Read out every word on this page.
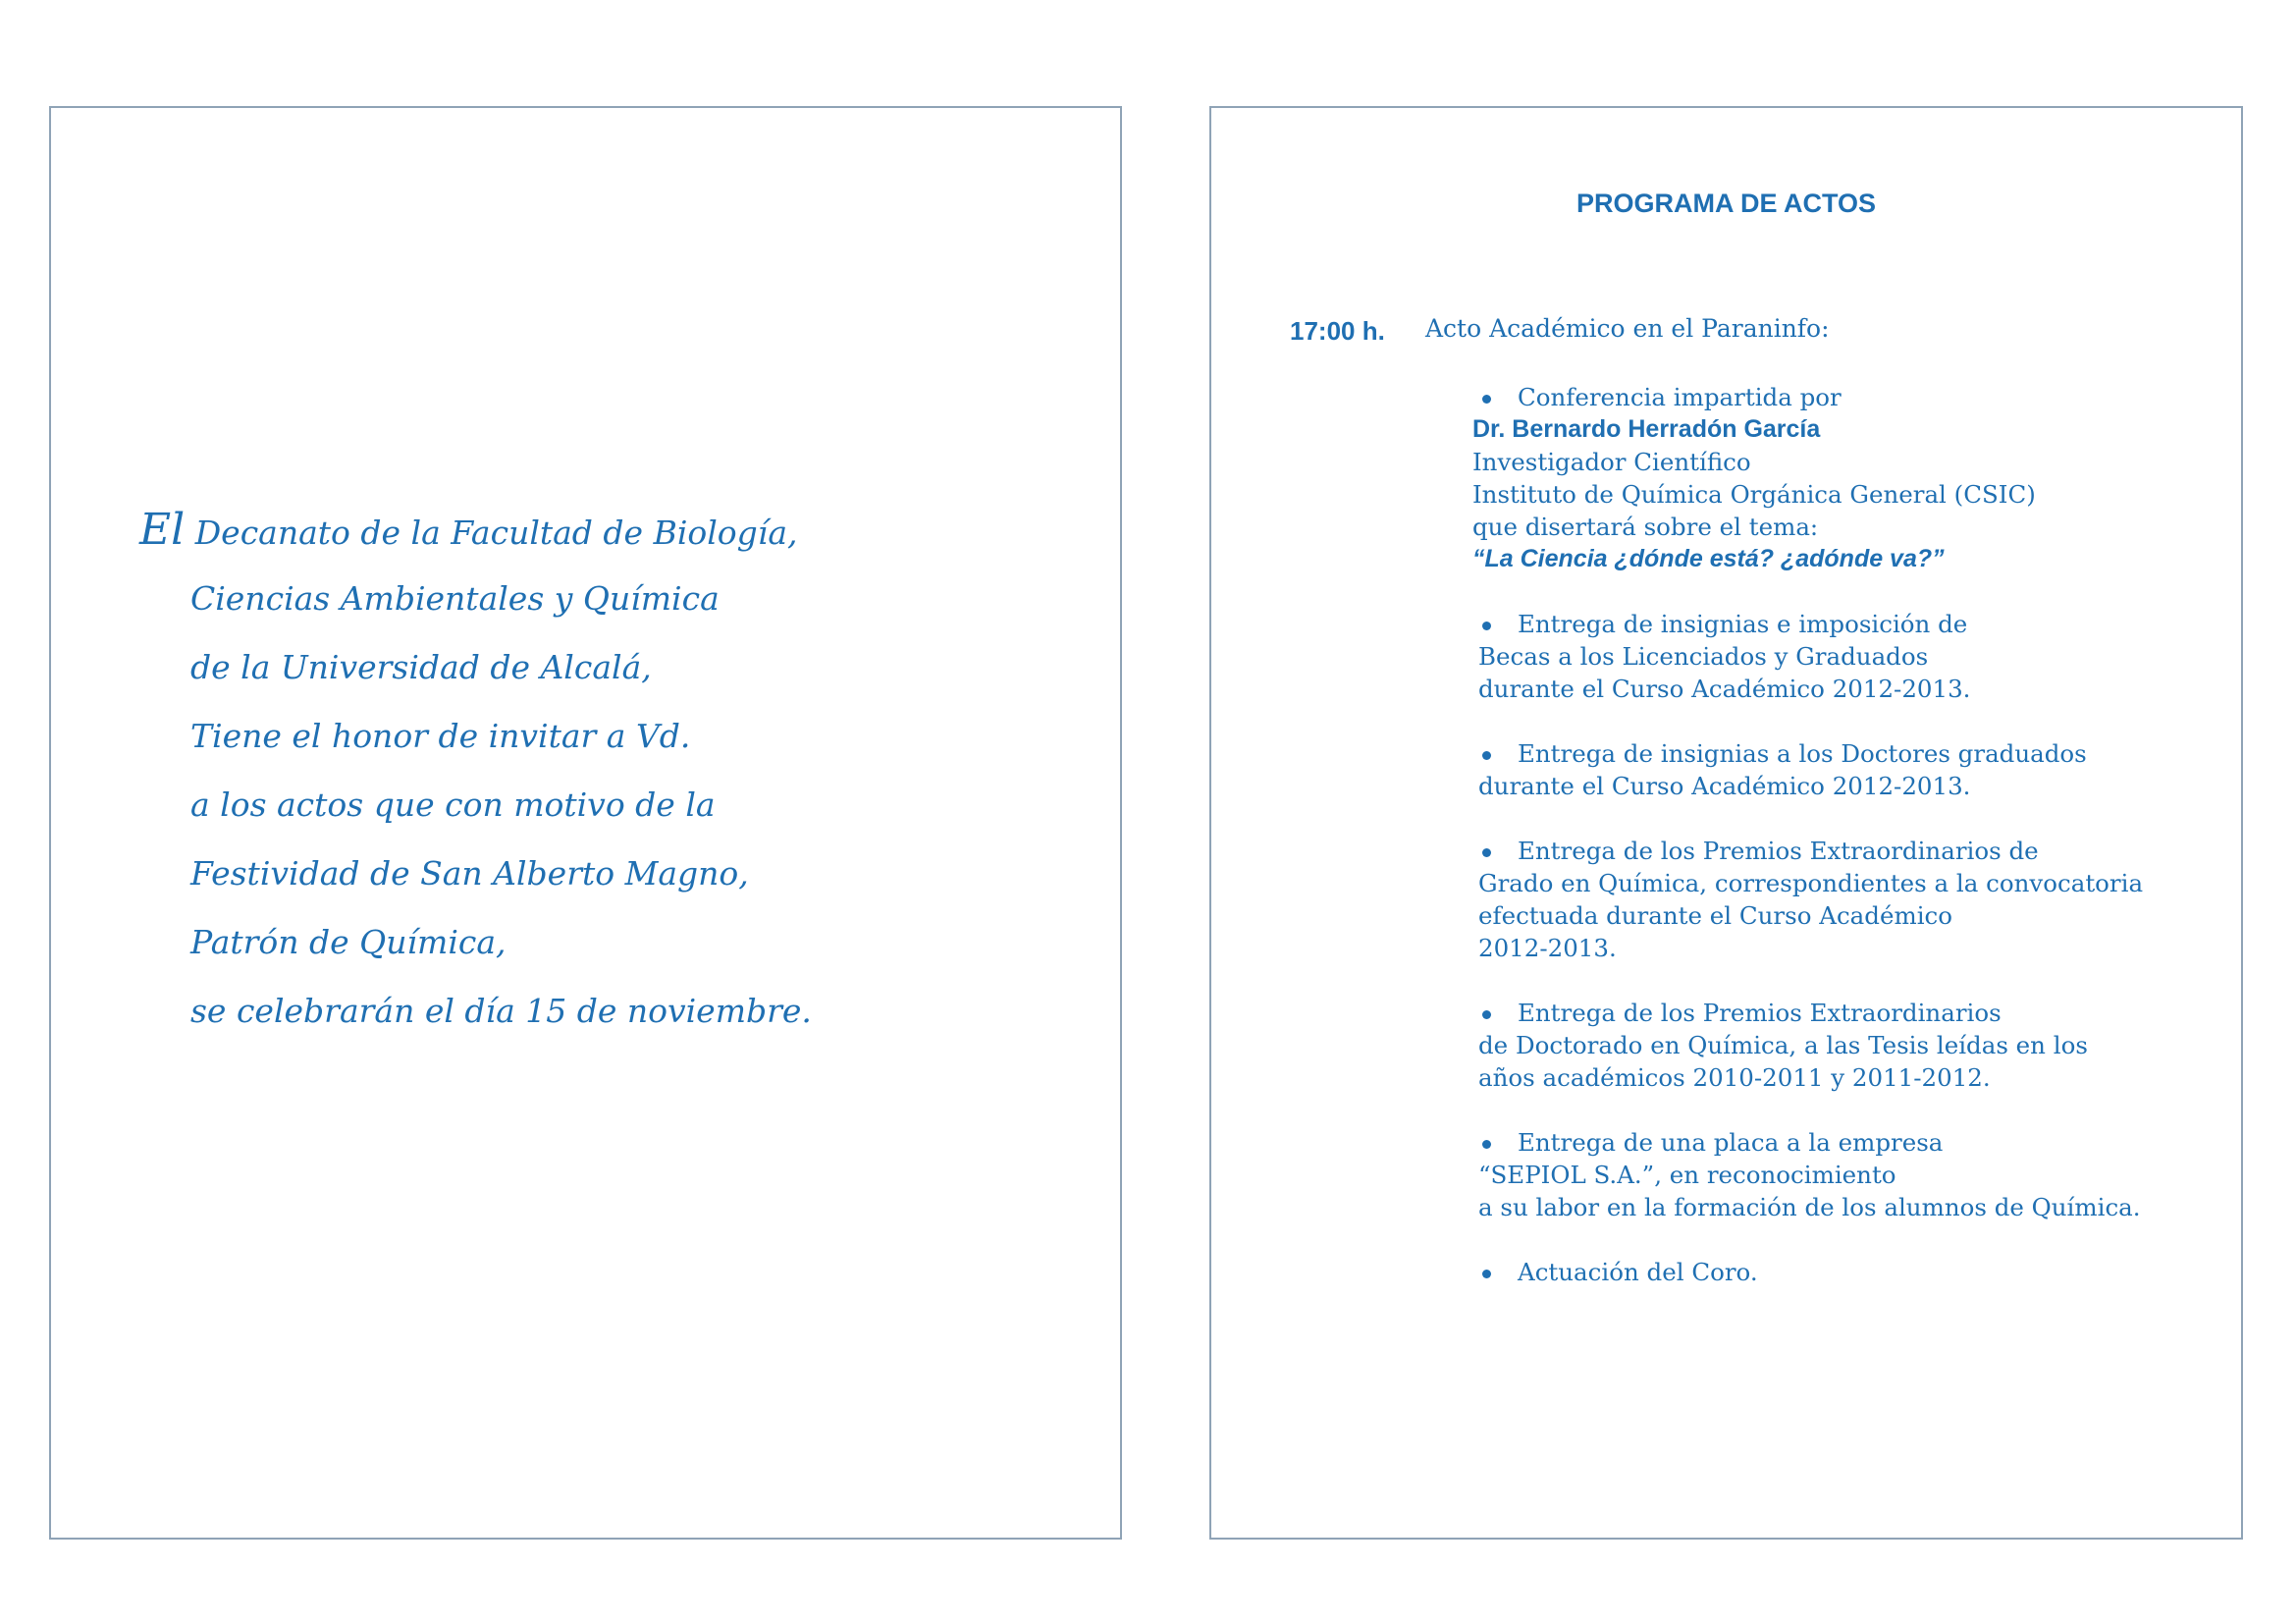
El Decanato de la Facultad de Biología,
Ciencias Ambientales y Química
de la Universidad de Alcalá,
Tiene el honor de invitar a Vd.
a los actos que con motivo de la
Festividad de San Alberto Magno,
Patrón de Química,
se celebrarán el día 15 de noviembre.
PROGRAMA DE ACTOS
17:00 h. Acto Académico en el Paraninfo:
Conferencia impartida por
Dr. Bernardo Herradón García
Investigador Científico
Instituto de Química Orgánica General (CSIC)
que disertará sobre el tema:
“La Ciencia ¿dónde está? ¿adónde va?”
Entrega de insignias e imposición de
Becas a los Licenciados y Graduados
durante el Curso Académico 2012-2013.
Entrega de insignias a los Doctores graduados
durante el Curso Académico 2012-2013.
Entrega de los Premios Extraordinarios de
Grado en Química, correspondientes a la convocatoria
efectuada durante el Curso Académico
2012-2013.
Entrega de los Premios Extraordinarios
de Doctorado en Química, a las Tesis leídas en los
años académicos 2010-2011 y 2011-2012.
Entrega de una placa a la empresa
“SEPIOL S.A.”, en reconocimiento
a su labor en la formación de los alumnos de Química.
Actuación del Coro.
